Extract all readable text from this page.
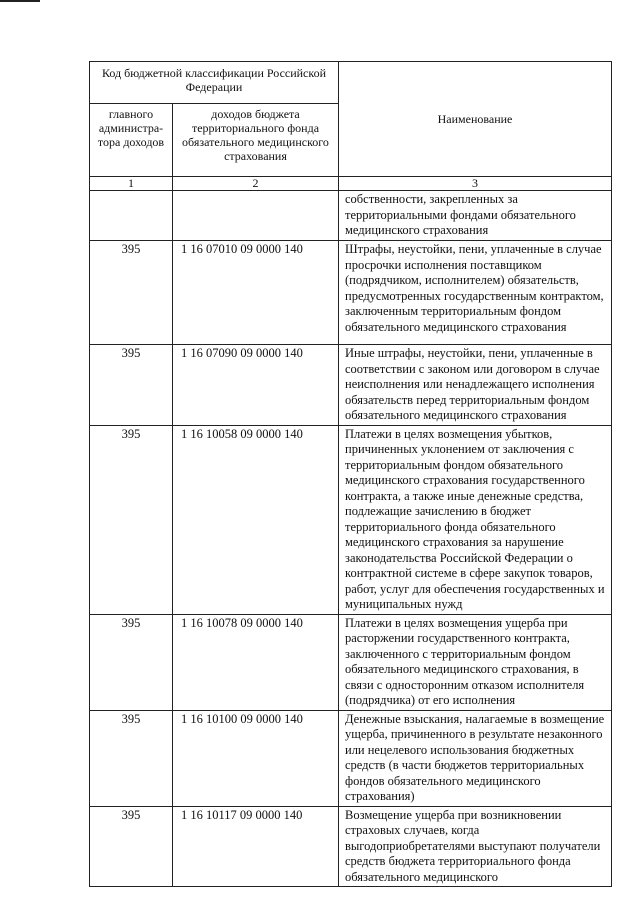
Код бюджетной классификации Российской Федерации		Наименование
главного администра-тора доходов	доходов бюджета территориального фонда обязательного медицинского страхования	
1	2	3
		собственности, закрепленных за территориальными фондами обязательного медицинского страхования
395	1 16 07010 09 0000 140	Штрафы, неустойки, пени, уплаченные в случае просрочки исполнения поставщиком (подрядчиком, исполнителем) обязательств, предусмотренных государственным контрактом, заключенным территориальным фондом обязательного медицинского страхования
395	1 16 07090 09 0000 140	Иные штрафы, неустойки, пени, уплаченные в соответствии с законом или договором в случае неисполнения или ненадлежащего исполнения обязательств перед территориальным фондом обязательного медицинского страхования
395	1 16 10058 09 0000 140	Платежи в целях возмещения убытков, причиненных уклонением от заключения с территориальным фондом обязательного медицинского страхования государственного контракта, а также иные денежные средства, подлежащие зачислению в бюджет территориального фонда обязательного медицинского страхования за нарушение законодательства Российской Федерации о контрактной системе в сфере закупок товаров, работ, услуг для обеспечения государственных и муниципальных нужд
395	1 16 10078 09 0000 140	Платежи в целях возмещения ущерба при расторжении государственного контракта, заключенного с территориальным фондом обязательного медицинского страхования, в связи с односторонним отказом исполнителя (подрядчика) от его исполнения
395	1 16 10100 09 0000 140	Денежные взыскания, налагаемые в возмещение ущерба, причиненного в результате незаконного или нецелевого использования бюджетных средств (в части бюджетов территориальных фондов обязательного медицинского страхования)
395	1 16 10117 09 0000 140	Возмещение ущерба при возникновении страховых случаев, когда выгодоприобретателями выступают получатели средств бюджета территориального фонда обязательного медицинского
